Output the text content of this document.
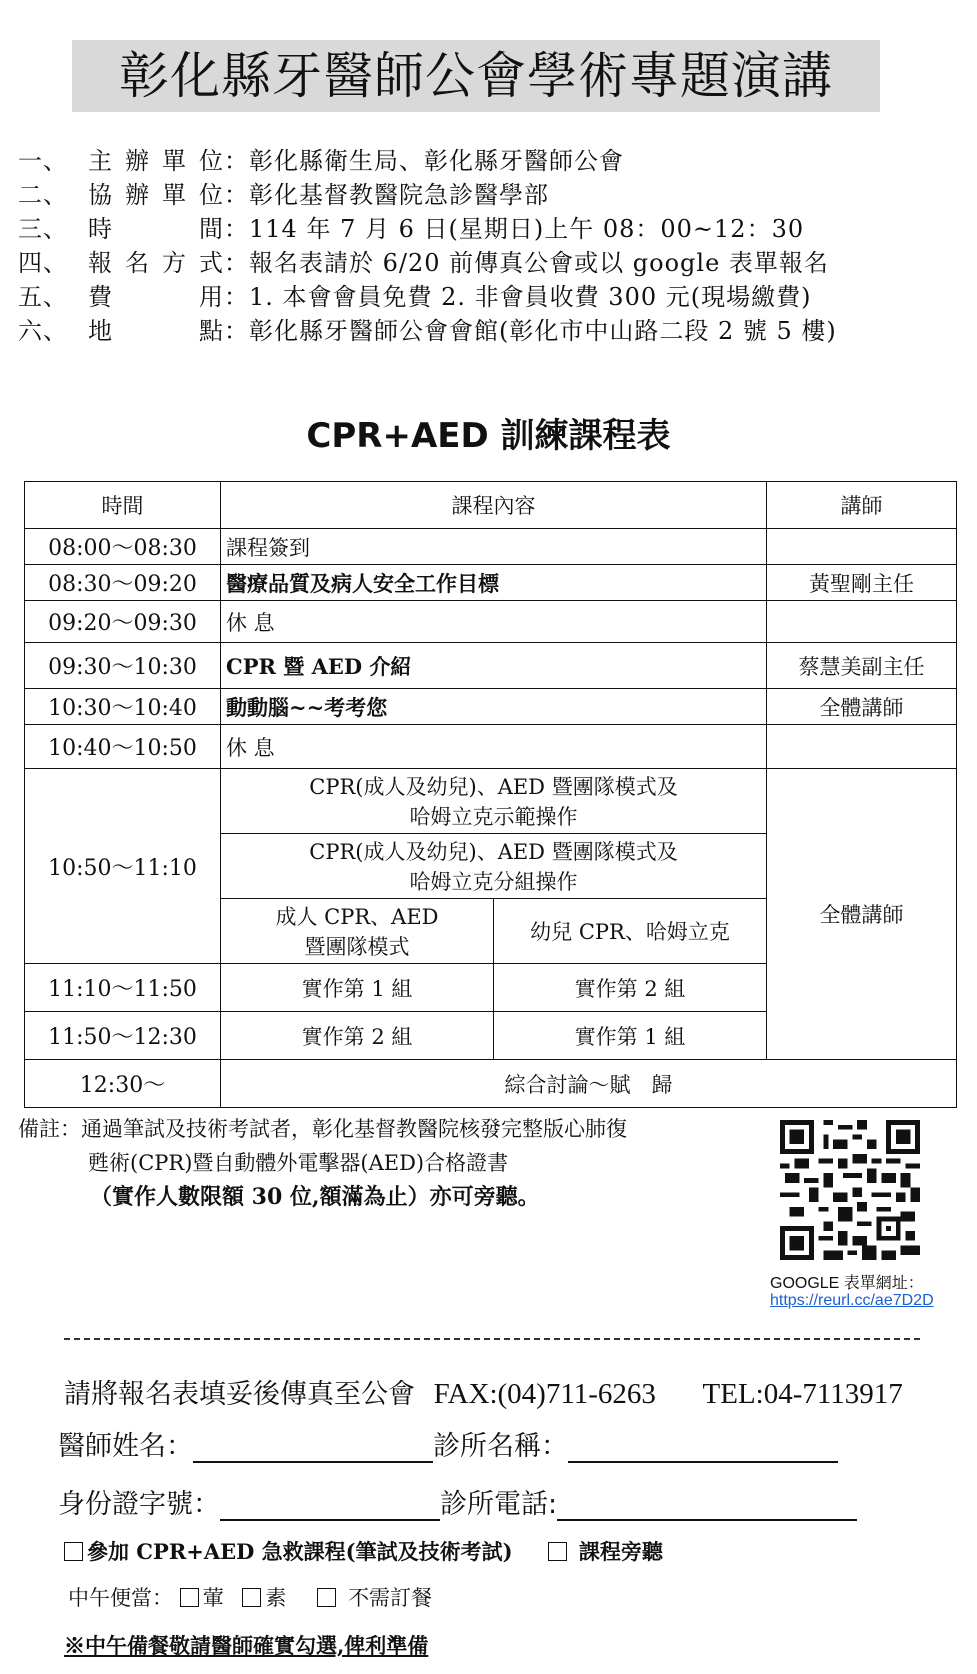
彰化縣牙醫師公會學術專題演講
一、 主辦單位：彰化縣衛生局、彰化縣牙醫師公會
二、 協辦單位：彰化基督教醫院急診醫學部
三、 時間：114 年 7 月 6 日(星期日)上午 08：00~12：30
四、 報名方式：報名表請於 6/20 前傳真公會或以 google 表單報名
五、 費用：1. 本會會員免費 2. 非會員收費 300 元(現場繳費)
六、 地點：彰化縣牙醫師公會會館(彰化市中山路二段 2 號 5 樓)
CPR+AED 訓練課程表
時間	課程內容		講師
08:00～08:30	課程簽到		
08:30～09:20	醫療品質及病人安全工作目標		黃聖剛主任
09:20～09:30	休 息		
09:30～10:30	CPR 暨 AED 介紹		蔡慧美副主任
10:30～10:40	動動腦~~考考您		全體講師
10:40～10:50	休 息		
10:50～11:10	CPR(成人及幼兒)、AED 暨團隊模式及
哈姆立克示範操作		全體講師

	CPR(成人及幼兒)、AED 暨團隊模式及
哈姆立克分組操作		

	成人 CPR、AED
暨團隊模式	幼兒 CPR、哈姆立克	
11:10～11:50	實作第 1 組	實作第 2 組	
11:50～12:30	實作第 2 組	實作第 1 組	
12:30～	綜合討論～賦　歸		
備註：通過筆試及技術考試者，彰化基督教醫院核發完整版心肺復
甦術(CPR)暨自動體外電擊器(AED)合格證書
（實作人數限額 30 位,額滿為止）亦可旁聽。
GOOGLE 表單網址：
https://reurl.cc/ae7D2D
請將報名表填妥後傳真至公會 FAX:(04)711-6263 TEL:04-7113917
醫師姓名：	診所名稱：
身份證字號：	診所電話:
參加 CPR+AED 急救課程(筆試及技術考試)	課程旁聽
中午便當： 葷 素	不需訂餐
※中午備餐敬請醫師確實勾選,俾利準備
